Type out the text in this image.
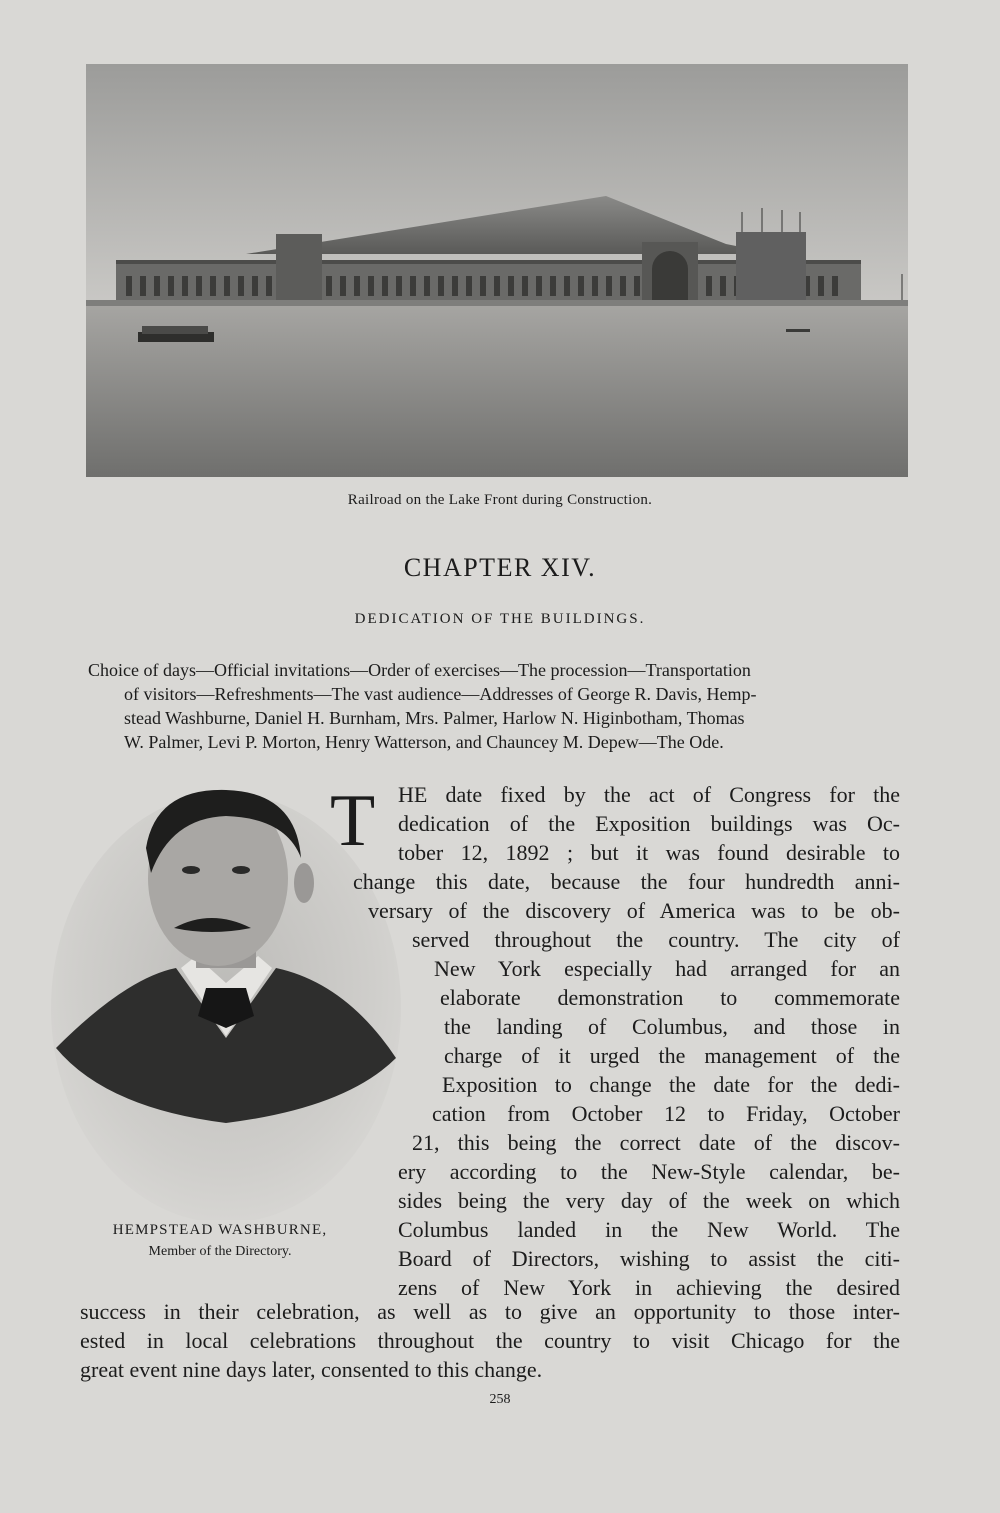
Railroad on the Lake Front during Construction.
CHAPTER XIV.
DEDICATION OF THE BUILDINGS.
Choice of days—Official invitations—Order of exercises—The procession—Transportation
of visitors—Refreshments—The vast audience—Addresses of George R. Davis, Hemp-
stead Washburne, Daniel H. Burnham, Mrs. Palmer, Harlow N. Higinbotham, Thomas
W. Palmer, Levi P. Morton, Henry Watterson, and Chauncey M. Depew—The Ode.
HEMPSTEAD WASHBURNE,
Member of the Directory.
T HE date fixed by the act of Congress for the
dedication of the Exposition buildings was Oc-
tober 12, 1892 ; but it was found desirable to
change this date, because the four hundredth anni-
versary of the discovery of America was to be ob-
served throughout the country. The city of
New York especially had arranged for an
elaborate demonstration to commemorate
the landing of Columbus, and those in
charge of it urged the management of the
Exposition to change the date for the dedi-
cation from October 12 to Friday, October
21, this being the correct date of the discov-
ery according to the New-Style calendar, be-
sides being the very day of the week on which
Columbus landed in the New World. The
Board of Directors, wishing to assist the citi-
zens of New York in achieving the desired
success in their celebration, as well as to give an opportunity to those inter-
ested in local celebrations throughout the country to visit Chicago for the
great event nine days later, consented to this change.
258
